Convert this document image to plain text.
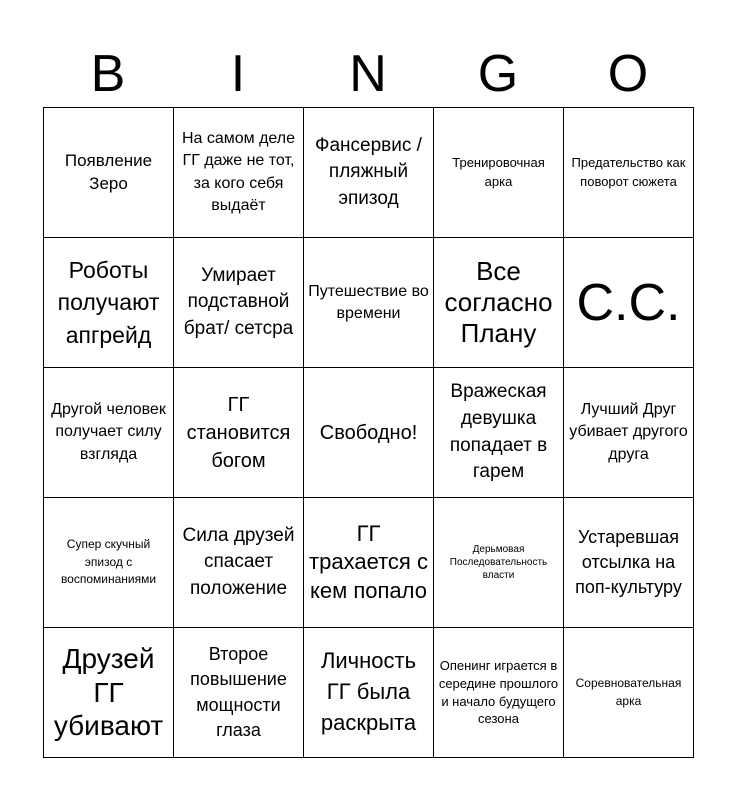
B	I	N	G	O
Появление Зеро
На самом деле ГГ даже не тот, за кого себя выдаёт
Фансервис / пляжный эпизод
Тренировочная арка
Предательство как поворот сюжета
Роботы получают апгрейд
Умирает подставной брат/ сетсра
Путешествие во времени
Все согласно Плану
С.С.
Другой человек получает силу взгляда
ГГ становится богом
Свободно!
Вражеская девушка попадает в гарем
Лучший Друг убивает другого друга
Супер скучный эпизод с воспоминаниями
Сила друзей спасает положение
ГГ трахается с кем попало
Дерьмовая Последовательность власти
Устаревшая отсылка на поп-культуру
Друзей ГГ убивают
Второе повышение мощности глаза
Личность ГГ была раскрыта
Опенинг играется в середине прошлого и начало будущего сезона
Соревновательная арка
